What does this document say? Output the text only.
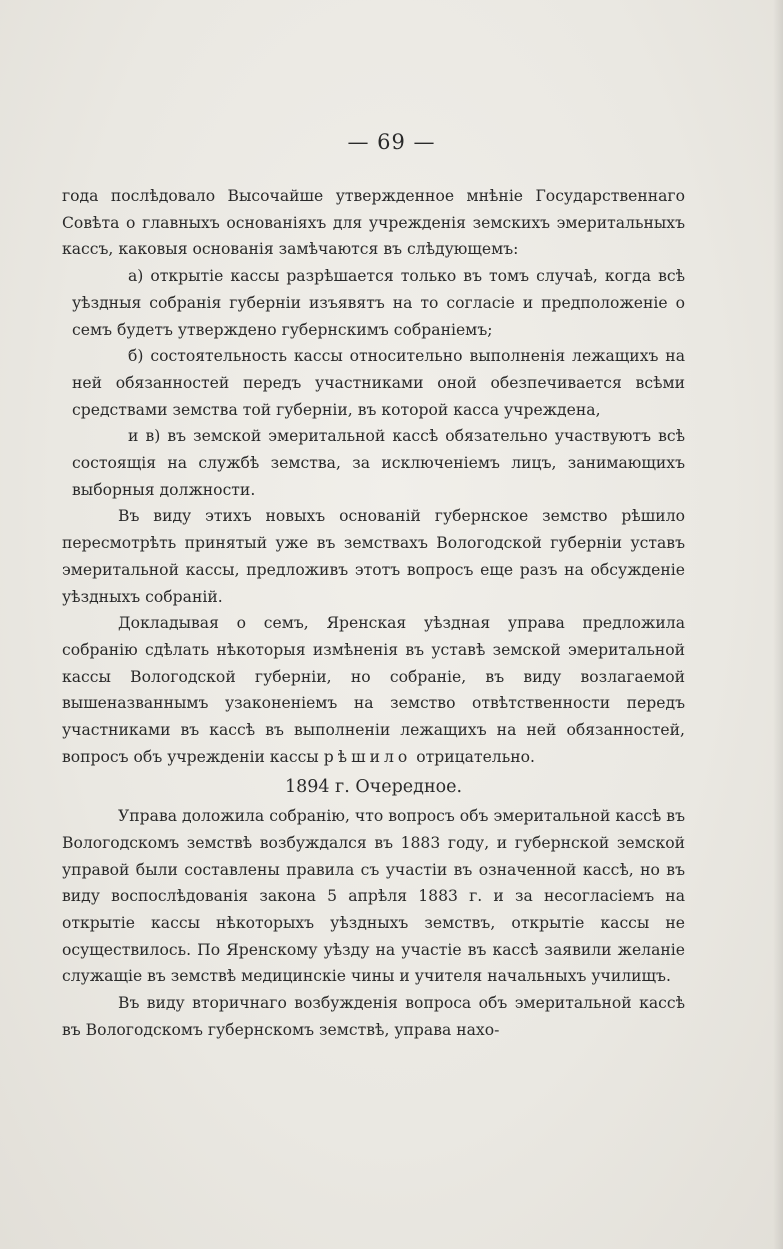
— 69 —

года послѣдовало Высочайше утвержденное мнѣніе Государственнаго Совѣта о главныхъ основаніяхъ для учрежденія земскихъ эмеритальныхъ кассъ, каковыя основанія замѣчаются въ слѣдующемъ:

а) открытіе кассы разрѣшается только въ томъ случаѣ, когда всѣ уѣздныя собранія губерніи изъявятъ на то согласіе и предположеніе о семъ будетъ утверждено губернскимъ собраніемъ;

б) состоятельность кассы относительно выполненія лежащихъ на ней обязанностей передъ участниками оной обезпечивается всѣми средствами земства той губерніи, въ которой касса учреждена,

и в) въ земской эмеритальной кассѣ обязательно участвуютъ всѣ состоящія на службѣ земства, за исключеніемъ лицъ, занимающихъ выборныя должности.

Въ виду этихъ новыхъ основаній губернское земство рѣшило пересмотрѣть принятый уже въ земствахъ Вологодской губерніи уставъ эмеритальной кассы, предложивъ этотъ вопросъ еще разъ на обсужденіе уѣздныхъ собраній.

Докладывая о семъ, Яренская уѣздная управа предложила собранію сдѣлать нѣкоторыя измѣненія въ уставѣ земской эмеритальной кассы Вологодской губерніи, но собраніе, въ виду возлагаемой вышеназваннымъ узаконеніемъ на земство отвѣтственности передъ участниками въ кассѣ въ выполненіи лежащихъ на ней обязанностей, вопросъ объ учрежденіи кассы рѣшило отрицательно.

1894 г. Очередное.

Управа доложила собранію, что вопросъ объ эмеритальной кассѣ въ Вологодскомъ земствѣ возбуждался въ 1883 году, и губернской земской управой были составлены правила съ участіи въ означенной кассѣ, но въ виду воспослѣдованія закона 5 апрѣля 1883 г. и за несогласіемъ на открытіе кассы нѣкоторыхъ уѣздныхъ земствъ, открытіе кассы не осуществилось. По Яренскому уѣзду на участіе въ кассѣ заявили желаніе служащіе въ земствѣ медицинскіе чины и учителя начальныхъ училищъ.

Въ виду вторичнаго возбужденія вопроса объ эмеритальной кассѣ въ Вологодскомъ губернскомъ земствѣ, управа нахо-
